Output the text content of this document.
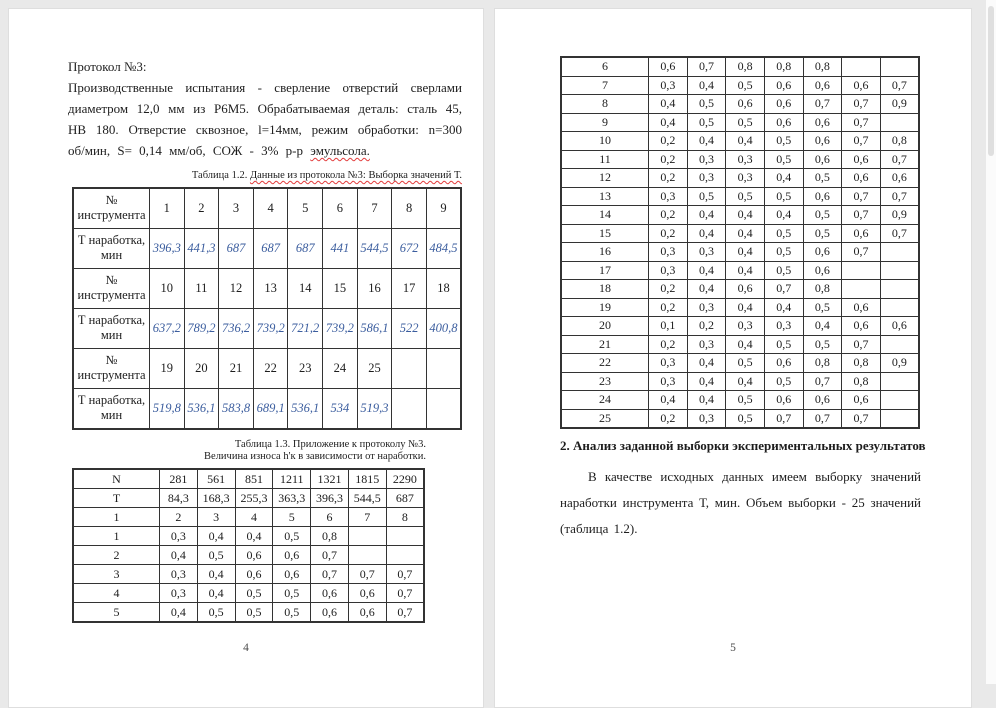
Протокол №3:
Производственные испытания - сверление отверстий сверлами диаметром 12,0 мм из Р6М5. Обрабатываемая деталь: сталь 45, НВ 180. Отверстие сквозное, l=14мм, режим обработки: n=300 об/мин, S= 0,14 мм/об, СОЖ - 3% р-р эмульсола.
Таблица 1.2. Данные из протокола №3: Выборка значений Т.
№ инструмента	1	2	3	4	5	6	7	8	9
Т наработка, мин	396,3	441,3	687	687	687	441	544,5	672	484,5
№ инструмента	10	11	12	13	14	15	16	17	18
Т наработка, мин	637,2	789,2	736,2	739,2	721,2	739,2	586,1	522	400,8
№ инструмента	19	20	21	22	23	24	25		
Т наработка, мин	519,8	536,1	583,8	689,1	536,1	534	519,3		
Таблица 1.3. Приложение к протоколу №3.
Величина износа h'к в зависимости от наработки.
N	281	561	851	1211	1321	1815	2290
T	84,3	168,3	255,3	363,3	396,3	544,5	687
1	2	3	4	5	6	7	8
1	0,3	0,4	0,4	0,5	0,8		
2	0,4	0,5	0,6	0,6	0,7		
3	0,3	0,4	0,6	0,6	0,7	0,7	0,7
4	0,3	0,4	0,5	0,5	0,6	0,6	0,7
5	0,4	0,5	0,5	0,5	0,6	0,6	0,7
4
6	0,6	0,7	0,8	0,8	0,8		
7	0,3	0,4	0,5	0,6	0,6	0,6	0,7
8	0,4	0,5	0,6	0,6	0,7	0,7	0,9
9	0,4	0,5	0,5	0,6	0,6	0,7	
10	0,2	0,4	0,4	0,5	0,6	0,7	0,8
11	0,2	0,3	0,3	0,5	0,6	0,6	0,7
12	0,2	0,3	0,3	0,4	0,5	0,6	0,6
13	0,3	0,5	0,5	0,5	0,6	0,7	0,7
14	0,2	0,4	0,4	0,4	0,5	0,7	0,9
15	0,2	0,4	0,4	0,5	0,5	0,6	0,7
16	0,3	0,3	0,4	0,5	0,6	0,7	
17	0,3	0,4	0,4	0,5	0,6		
18	0,2	0,4	0,6	0,7	0,8		
19	0,2	0,3	0,4	0,4	0,5	0,6	
20	0,1	0,2	0,3	0,3	0,4	0,6	0,6
21	0,2	0,3	0,4	0,5	0,5	0,7	
22	0,3	0,4	0,5	0,6	0,8	0,8	0,9
23	0,3	0,4	0,4	0,5	0,7	0,8	
24	0,4	0,4	0,5	0,6	0,6	0,6	
25	0,2	0,3	0,5	0,7	0,7	0,7	
2. Анализ заданной выборки экспериментальных результатов
В качестве исходных данных имеем выборку значений наработки инструмента Т, мин. Объем выборки - 25 значений (таблица 1.2).
5
